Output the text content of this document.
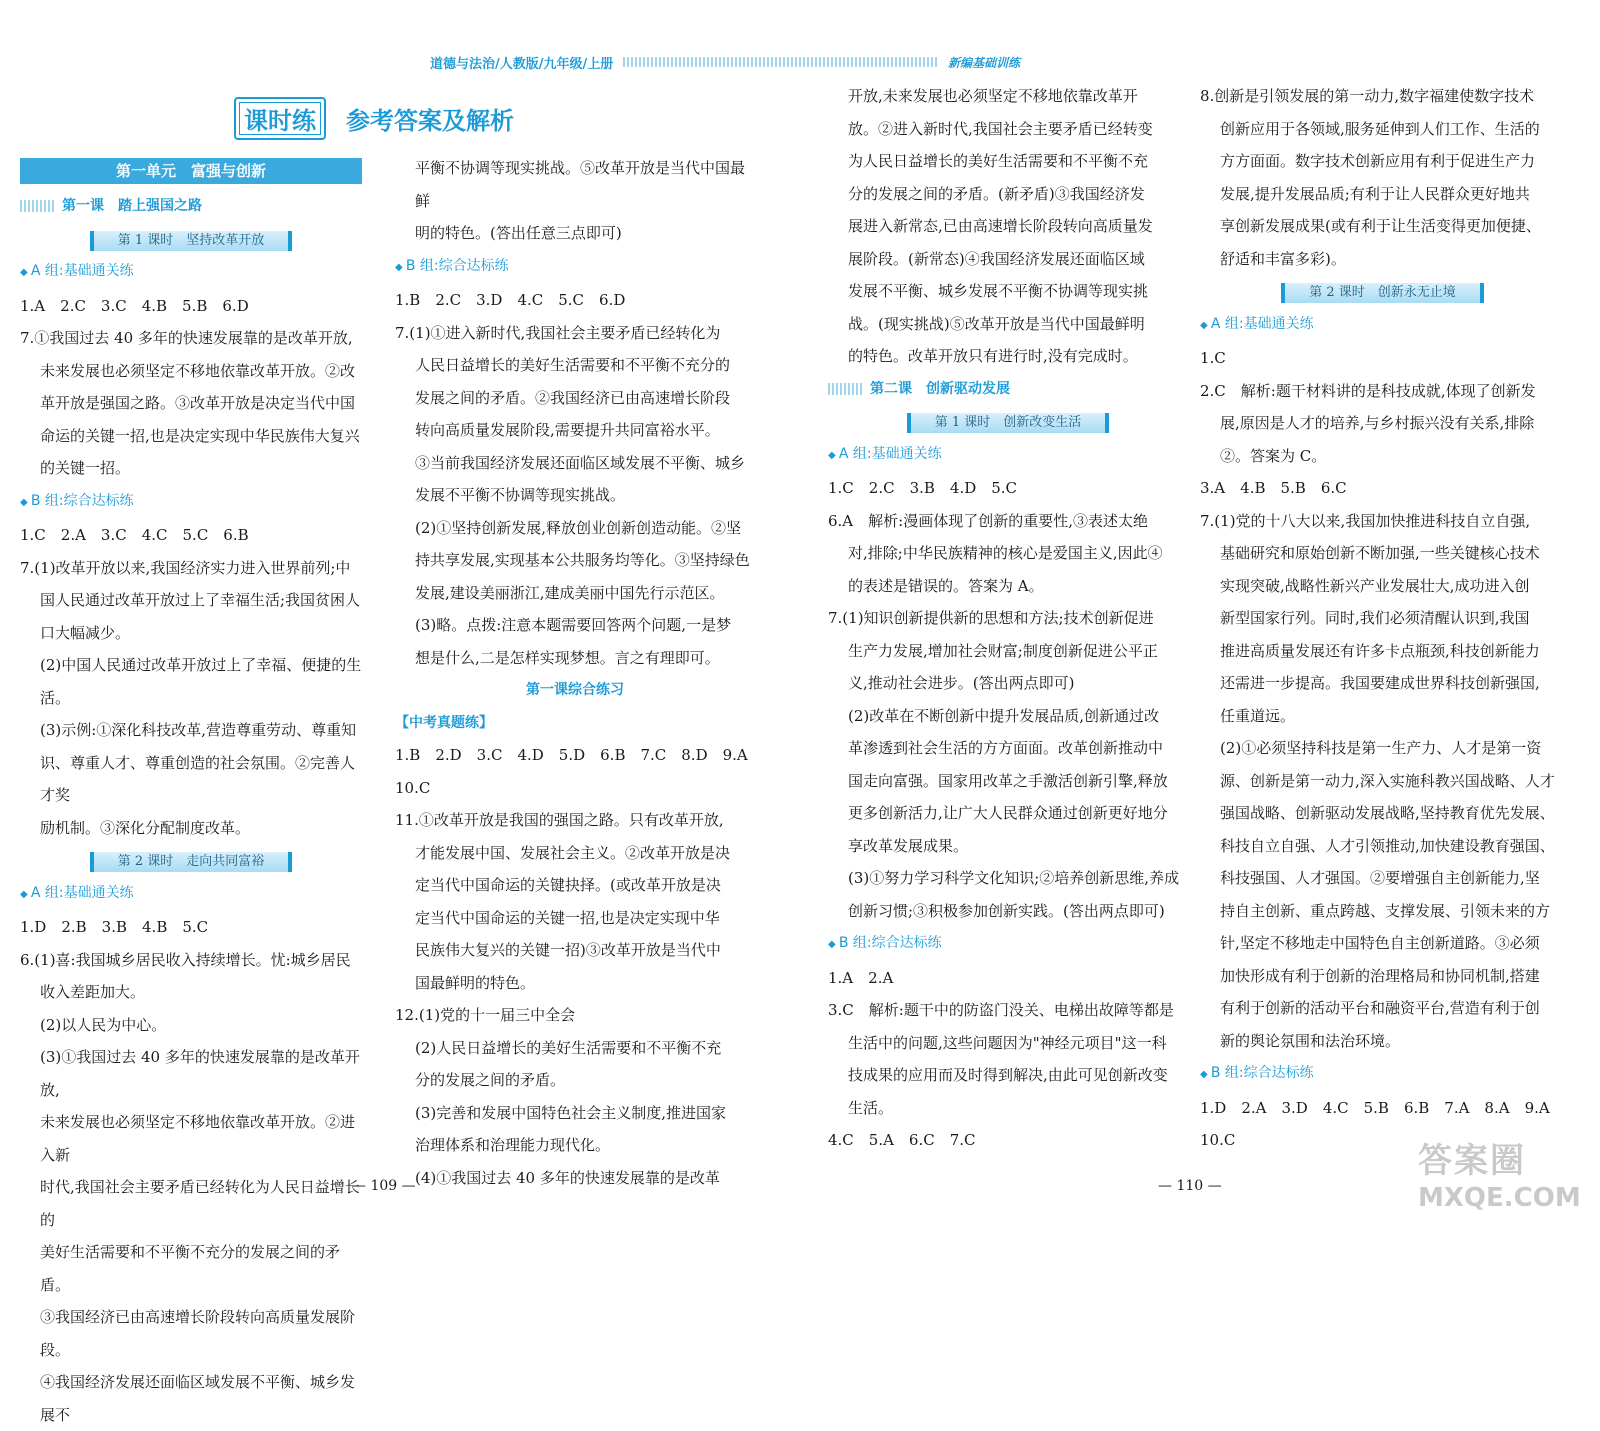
道德与法治/人教版/九年级/上册	新编基础训练
课时练	参考答案及解析
第一单元　富强与创新
第一课　踏上强国之路
第 1 课时　坚持改革开放

◆ A 组:基础通关练

1.A　2.C　3.C　4.B　5.B　6.D

7.①我国过去 40 多年的快速发展靠的是改革开放,

未来发展也必须坚定不移地依靠改革开放。②改

革开放是强国之路。③改革开放是决定当代中国

命运的关键一招,也是决定实现中华民族伟大复兴

的关键一招。

◆ B 组:综合达标练

1.C　2.A　3.C　4.C　5.C　6.B

7.(1)改革开放以来,我国经济实力进入世界前列;中

国人民通过改革开放过上了幸福生活;我国贫困人

口大幅减少。

(2)中国人民通过改革开放过上了幸福、便捷的生活。

(3)示例:①深化科技改革,营造尊重劳动、尊重知

识、尊重人才、尊重创造的社会氛围。②完善人才奖

励机制。③深化分配制度改革。

第 2 课时　走向共同富裕

◆ A 组:基础通关练

1.D　2.B　3.B　4.B　5.C

6.(1)喜:我国城乡居民收入持续增长。忧:城乡居民

收入差距加大。

(2)以人民为中心。

(3)①我国过去 40 多年的快速发展靠的是改革开放,

未来发展也必须坚定不移地依靠改革开放。②进入新

时代,我国社会主要矛盾已经转化为人民日益增长的

美好生活需要和不平衡不充分的发展之间的矛盾。

③我国经济已由高速增长阶段转向高质量发展阶段。

④我国经济发展还面临区域发展不平衡、城乡发展不

平衡不协调等现实挑战。⑤改革开放是当代中国最鲜

明的特色。(答出任意三点即可)

◆ B 组:综合达标练

1.B　2.C　3.D　4.C　5.C　6.D

7.(1)①进入新时代,我国社会主要矛盾已经转化为

人民日益增长的美好生活需要和不平衡不充分的

发展之间的矛盾。②我国经济已由高速增长阶段

转向高质量发展阶段,需要提升共同富裕水平。

③当前我国经济发展还面临区域发展不平衡、城乡

发展不平衡不协调等现实挑战。

(2)①坚持创新发展,释放创业创新创造动能。②坚

持共享发展,实现基本公共服务均等化。③坚持绿色

发展,建设美丽浙江,建成美丽中国先行示范区。

(3)略。点拨:注意本题需要回答两个问题,一是梦

想是什么,二是怎样实现梦想。言之有理即可。

第一课综合练习

【中考真题练】

1.B　2.D　3.C　4.D　5.D　6.B　7.C　8.D　9.A

10.C

11.①改革开放是我国的强国之路。只有改革开放,

才能发展中国、发展社会主义。②改革开放是决

定当代中国命运的关键抉择。(或改革开放是决

定当代中国命运的关键一招,也是决定实现中华

民族伟大复兴的关键一招)③改革开放是当代中

国最鲜明的特色。

12.(1)党的十一届三中全会

(2)人民日益增长的美好生活需要和不平衡不充

分的发展之间的矛盾。

(3)完善和发展中国特色社会主义制度,推进国家

治理体系和治理能力现代化。

(4)①我国过去 40 多年的快速发展靠的是改革

开放,未来发展也必须坚定不移地依靠改革开

放。②进入新时代,我国社会主要矛盾已经转变

为人民日益增长的美好生活需要和不平衡不充

分的发展之间的矛盾。(新矛盾)③我国经济发

展进入新常态,已由高速增长阶段转向高质量发

展阶段。(新常态)④我国经济发展还面临区域

发展不平衡、城乡发展不平衡不协调等现实挑

战。(现实挑战)⑤改革开放是当代中国最鲜明

的特色。改革开放只有进行时,没有完成时。

第二课　创新驱动发展
第 1 课时　创新改变生活

◆ A 组:基础通关练

1.C　2.C　3.B　4.D　5.C

6.A　解析:漫画体现了创新的重要性,③表述太绝

对,排除;中华民族精神的核心是爱国主义,因此④

的表述是错误的。答案为 A。

7.(1)知识创新提供新的思想和方法;技术创新促进

生产力发展,增加社会财富;制度创新促进公平正

义,推动社会进步。(答出两点即可)

(2)改革在不断创新中提升发展品质,创新通过改

革渗透到社会生活的方方面面。改革创新推动中

国走向富强。国家用改革之手激活创新引擎,释放

更多创新活力,让广大人民群众通过创新更好地分

享改革发展成果。

(3)①努力学习科学文化知识;②培养创新思维,养成

创新习惯;③积极参加创新实践。(答出两点即可)

◆ B 组:综合达标练

1.A　2.A

3.C　解析:题干中的防盗门没关、电梯出故障等都是

生活中的问题,这些问题因为"神经元项目"这一科

技成果的应用而及时得到解决,由此可见创新改变

生活。

4.C　5.A　6.C　7.C

8.创新是引领发展的第一动力,数字福建使数字技术

创新应用于各领域,服务延伸到人们工作、生活的

方方面面。数字技术创新应用有利于促进生产力

发展,提升发展品质;有利于让人民群众更好地共

享创新发展成果(或有利于让生活变得更加便捷、

舒适和丰富多彩)。

第 2 课时　创新永无止境

◆ A 组:基础通关练

1.C

2.C　解析:题干材料讲的是科技成就,体现了创新发

展,原因是人才的培养,与乡村振兴没有关系,排除

②。答案为 C。

3.A　4.B　5.B　6.C

7.(1)党的十八大以来,我国加快推进科技自立自强,

基础研究和原始创新不断加强,一些关键核心技术

实现突破,战略性新兴产业发展壮大,成功进入创

新型国家行列。同时,我们必须清醒认识到,我国

推进高质量发展还有许多卡点瓶颈,科技创新能力

还需进一步提高。我国要建成世界科技创新强国,

任重道远。

(2)①必须坚持科技是第一生产力、人才是第一资

源、创新是第一动力,深入实施科教兴国战略、人才

强国战略、创新驱动发展战略,坚持教育优先发展、

科技自立自强、人才引领推动,加快建设教育强国、

科技强国、人才强国。②要增强自主创新能力,坚

持自主创新、重点跨越、支撑发展、引领未来的方

针,坚定不移地走中国特色自主创新道路。③必须

加快形成有利于创新的治理格局和协同机制,搭建

有利于创新的活动平台和融资平台,营造有利于创

新的舆论氛围和法治环境。

◆ B 组:综合达标练

1.D　2.A　3.D　4.C　5.B　6.B　7.A　8.A　9.A

10.C

— 109 —	— 110 —
答案圈
MXQE.COM
